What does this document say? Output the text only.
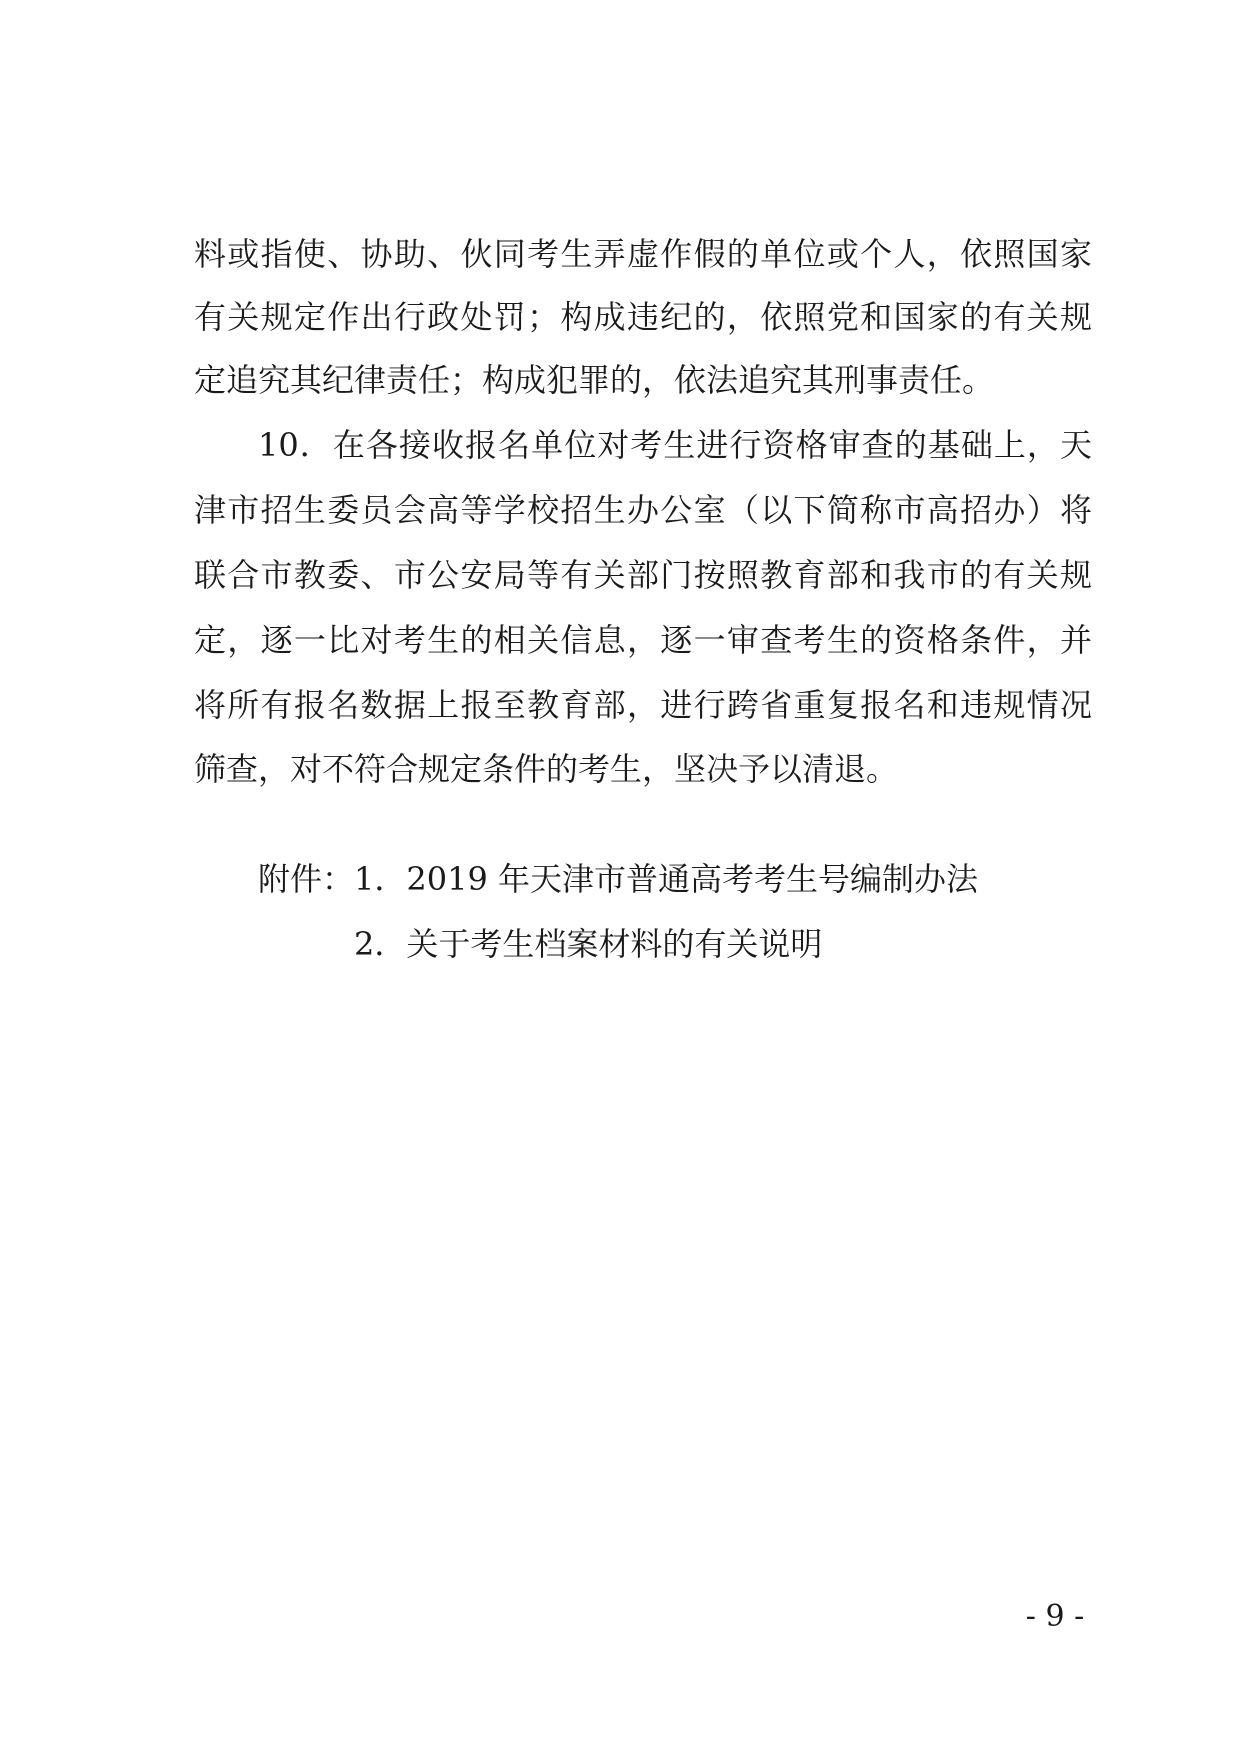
料或指使、协助、伙同考生弄虚作假的单位或个人，依照国家
有关规定作出行政处罚；构成违纪的，依照党和国家的有关规
定追究其纪律责任；构成犯罪的，依法追究其刑事责任。
10．在各接收报名单位对考生进行资格审查的基础上，天
津市招生委员会高等学校招生办公室（以下简称市高招办）将
联合市教委、市公安局等有关部门按照教育部和我市的有关规
定，逐一比对考生的相关信息，逐一审查考生的资格条件，并
将所有报名数据上报至教育部，进行跨省重复报名和违规情况
筛查，对不符合规定条件的考生，坚决予以清退。
附件： 1．2019 年天津市普通高考考生号编制办法
2．关于考生档案材料的有关说明
- 9 -
